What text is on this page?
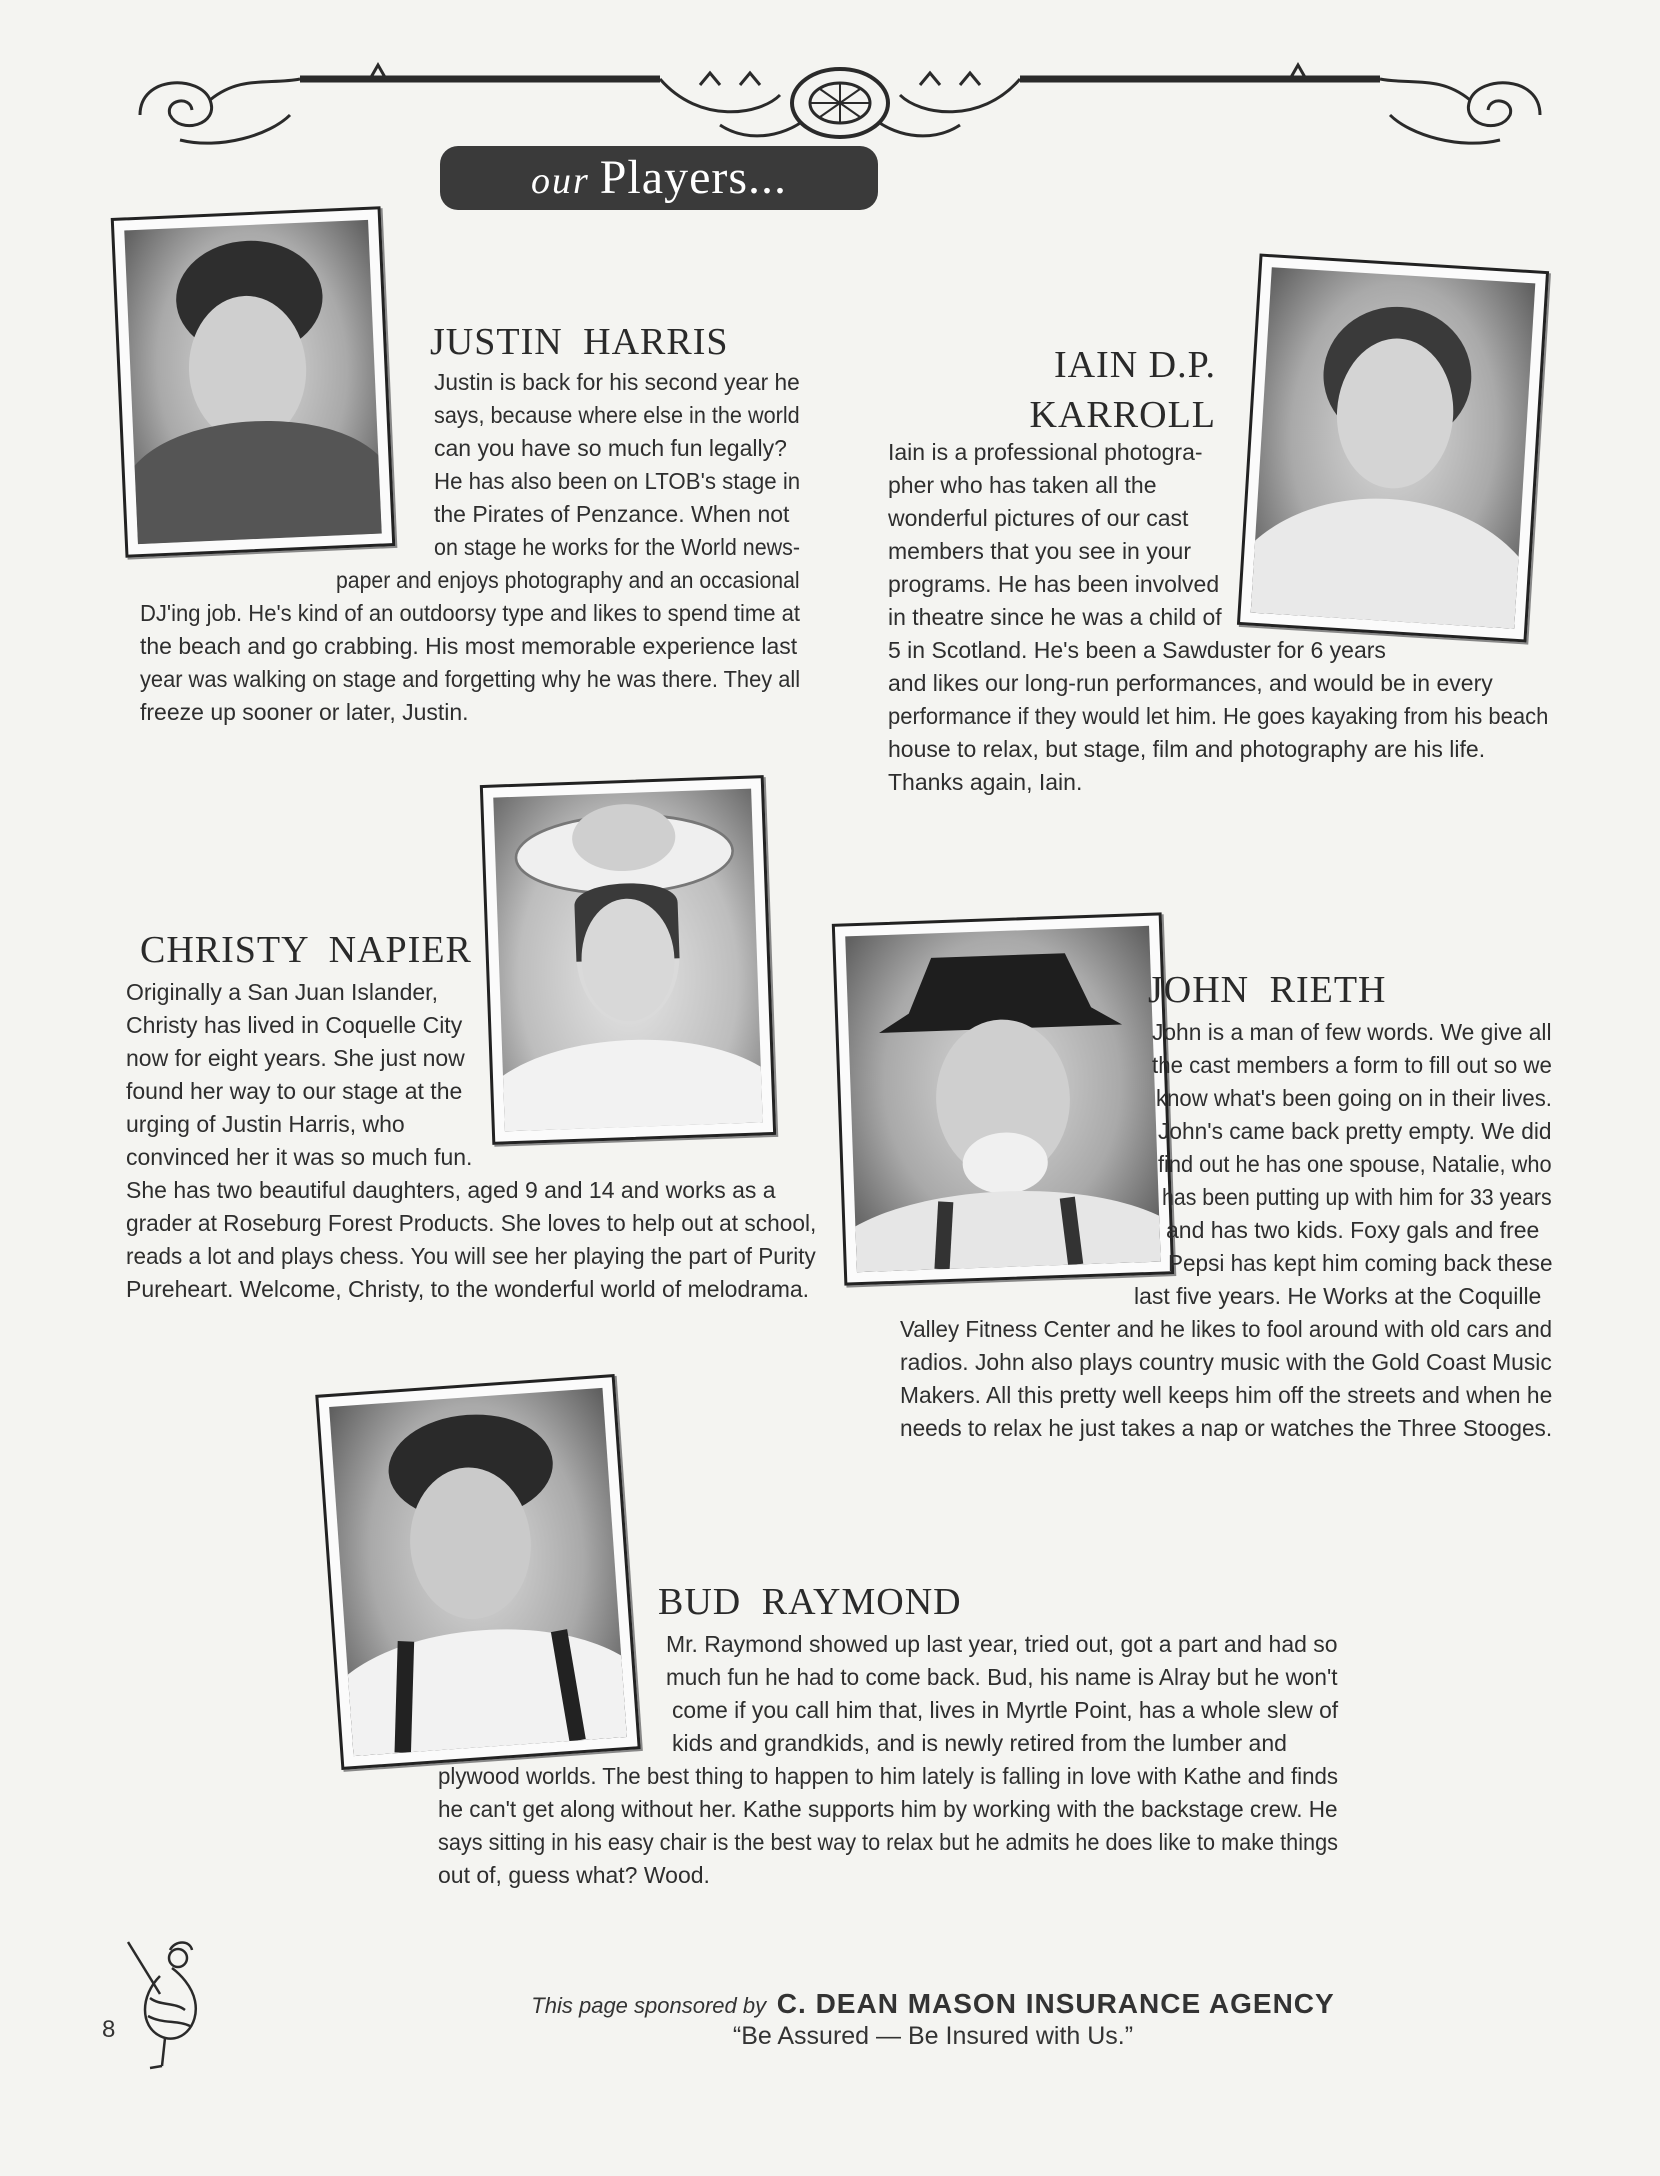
our Players...
JUSTIN HARRIS
Justin is back for his second year he
says, because where else in the world
can you have so much fun legally?
He has also been on LTOB's stage in
the Pirates of Penzance. When not
on stage he works for the World news-
paper and enjoys photography and an occasional
DJ'ing job. He's kind of an outdoorsy type and likes to spend time at
the beach and go crabbing. His most memorable experience last
year was walking on stage and forgetting why he was there. They all
freeze up sooner or later, Justin.
IAIN D.P.
KARROLL
Iain is a professional photogra-
pher who has taken all the
wonderful pictures of our cast
members that you see in your
programs. He has been involved
in theatre since he was a child of
5 in Scotland. He's been a Sawduster for 6 years
and likes our long-run performances, and would be in every
performance if they would let him. He goes kayaking from his beach
house to relax, but stage, film and photography are his life.
Thanks again, Iain.
CHRISTY NAPIER
Originally a San Juan Islander,
Christy has lived in Coquelle City
now for eight years. She just now
found her way to our stage at the
urging of Justin Harris, who
convinced her it was so much fun.
She has two beautiful daughters, aged 9 and 14 and works as a
grader at Roseburg Forest Products. She loves to help out at school,
reads a lot and plays chess. You will see her playing the part of Purity
Pureheart. Welcome, Christy, to the wonderful world of melodrama.
JOHN RIETH
John is a man of few words. We give all
the cast members a form to fill out so we
know what's been going on in their lives.
John's came back pretty empty. We did
find out he has one spouse, Natalie, who
has been putting up with him for 33 years
and has two kids. Foxy gals and free
Pepsi has kept him coming back these
last five years. He Works at the Coquille
Valley Fitness Center and he likes to fool around with old cars and
radios. John also plays country music with the Gold Coast Music
Makers. All this pretty well keeps him off the streets and when he
needs to relax he just takes a nap or watches the Three Stooges.
BUD RAYMOND
Mr. Raymond showed up last year, tried out, got a part and had so
much fun he had to come back. Bud, his name is Alray but he won't
come if you call him that, lives in Myrtle Point, has a whole slew of
kids and grandkids, and is newly retired from the lumber and
plywood worlds. The best thing to happen to him lately is falling in love with Kathe and finds
he can't get along without her. Kathe supports him by working with the backstage crew. He
says sitting in his easy chair is the best way to relax but he admits he does like to make things
out of, guess what? Wood.
8
This page sponsored by C. DEAN MASON INSURANCE AGENCY
“Be Assured — Be Insured with Us.”
